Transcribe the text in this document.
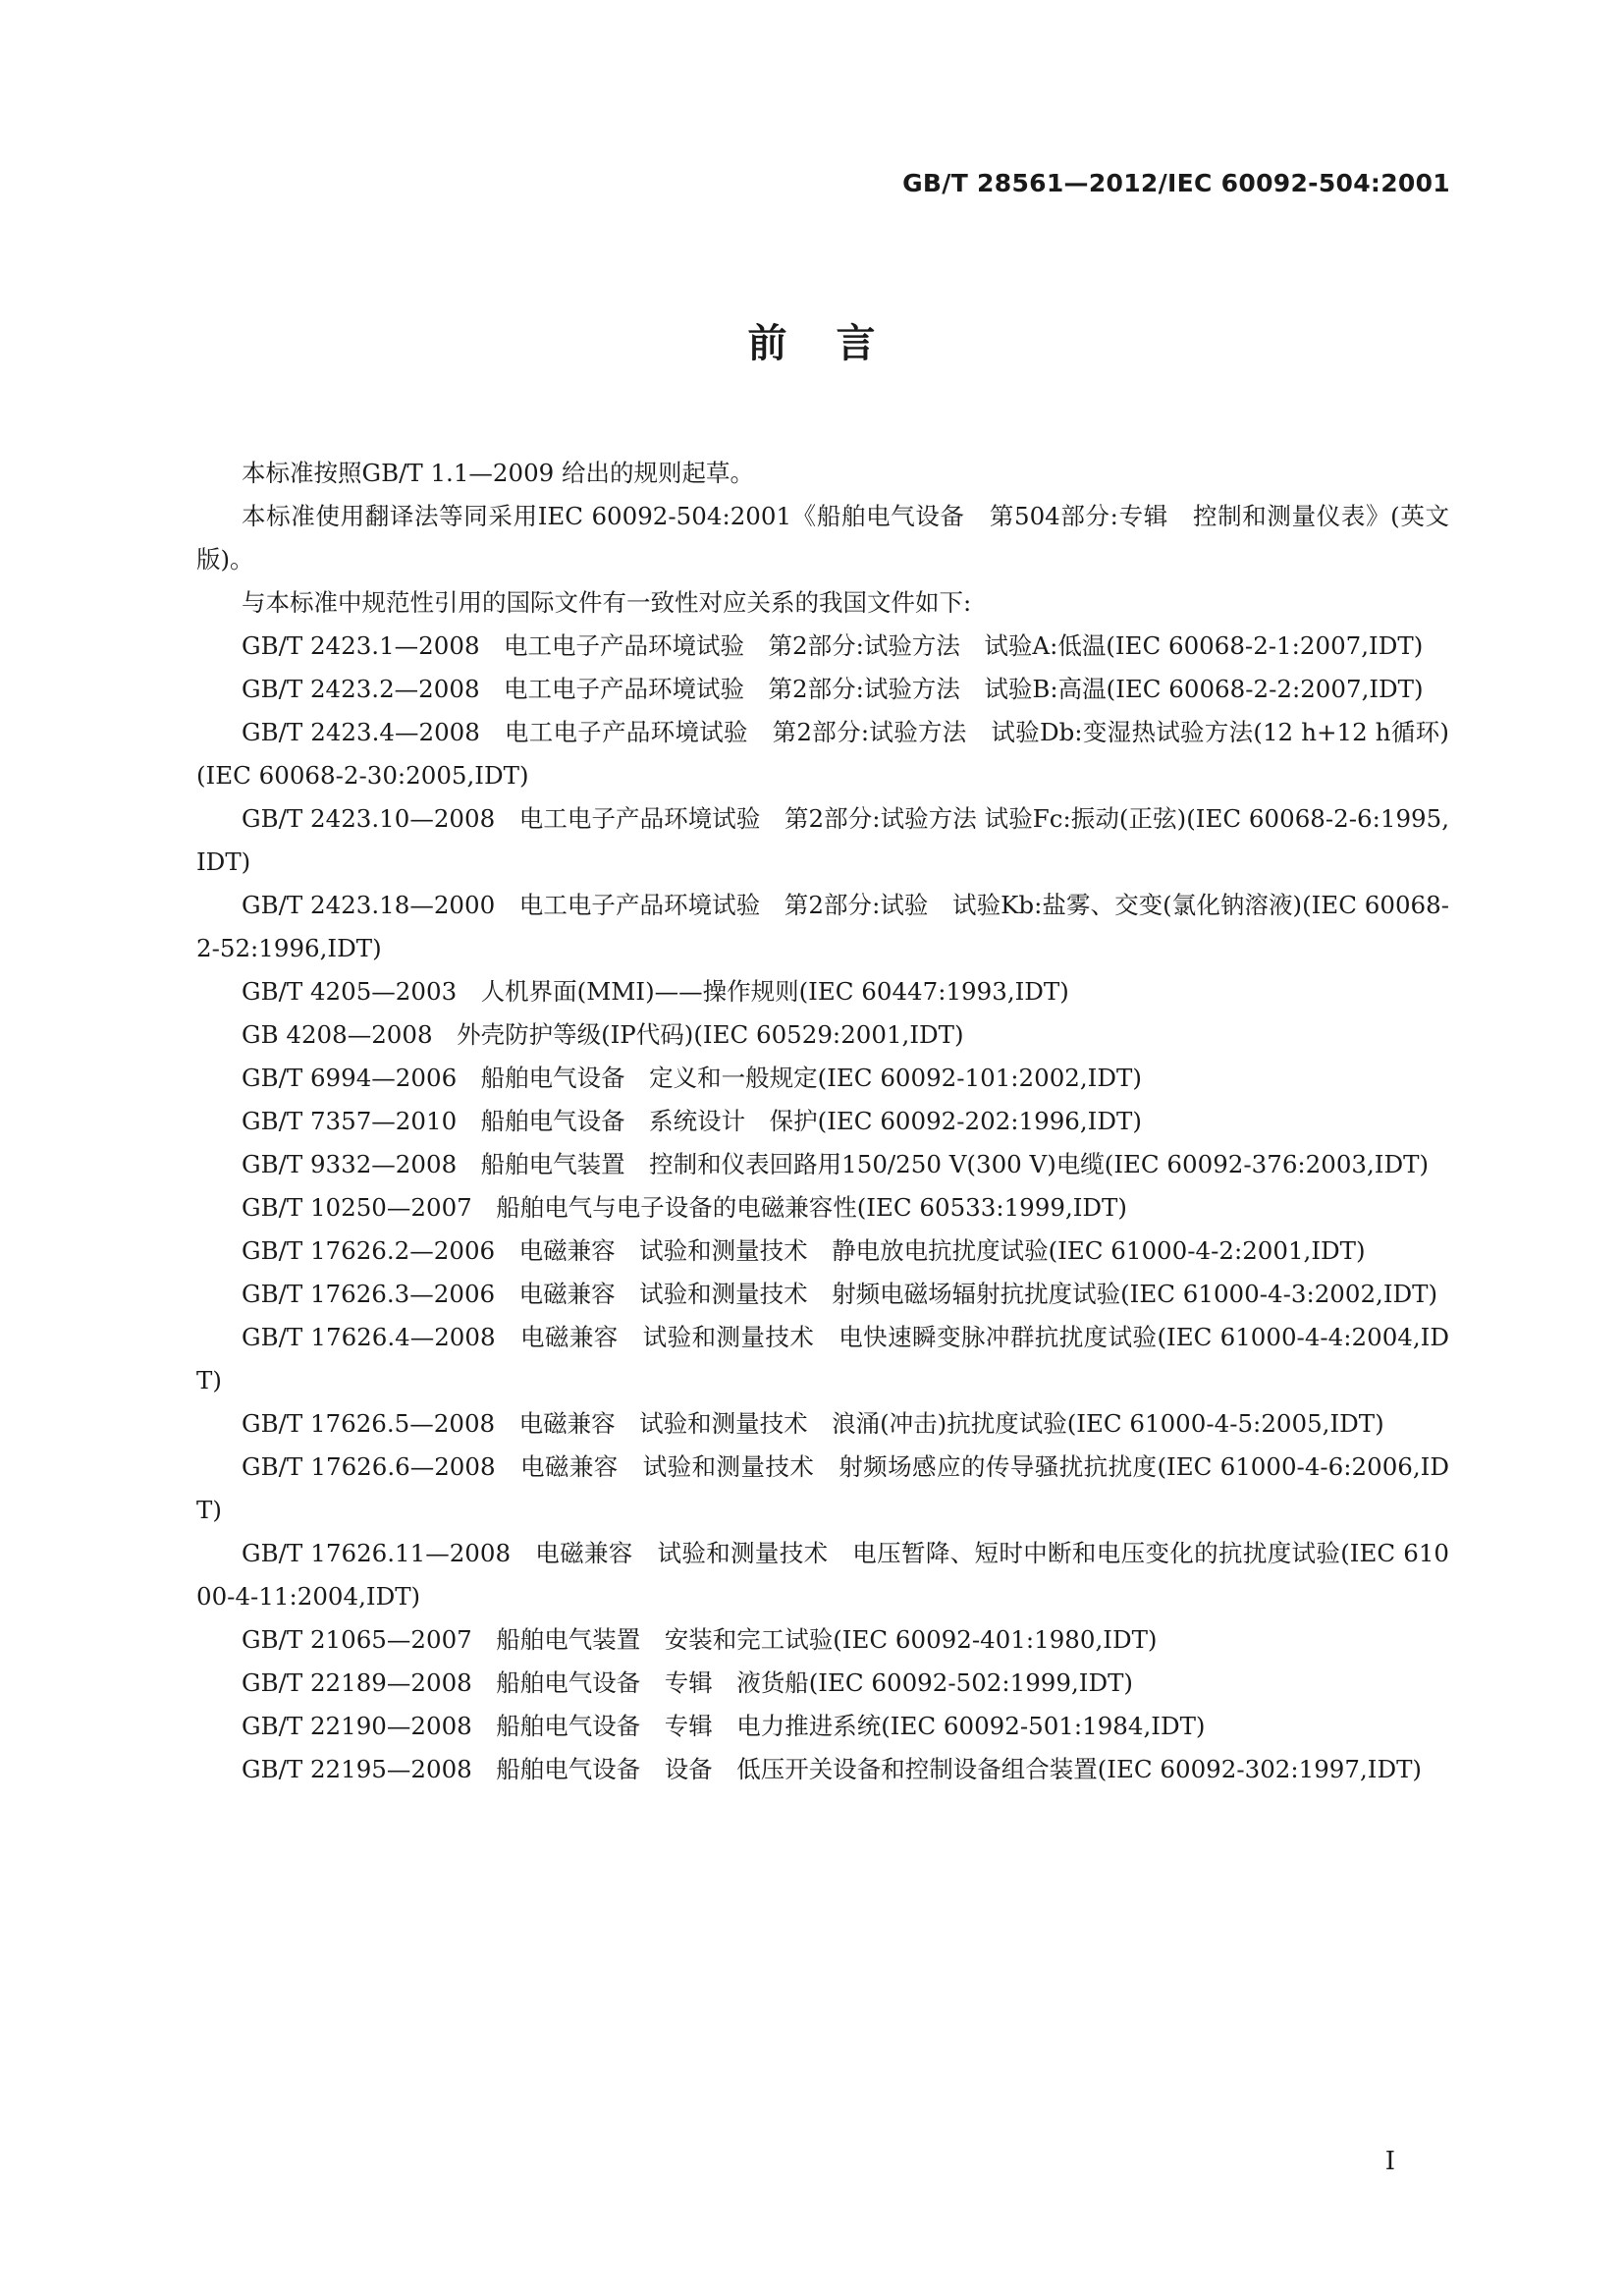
GB/T 28561—2012/IEC 60092-504:2001
前言

本标准按照GB/T 1.1—2009 给出的规则起草。

本标准使用翻译法等同采用IEC 60092-504:2001《船舶电气设备　第504部分:专辑　控制和测量仪表》(英文版)。

与本标准中规范性引用的国际文件有一致性对应关系的我国文件如下:

GB/T 2423.1—2008　电工电子产品环境试验　第2部分:试验方法　试验A:低温(IEC 60068-2-1:2007,IDT)

GB/T 2423.2—2008　电工电子产品环境试验　第2部分:试验方法　试验B:高温(IEC 60068-2-2:2007,IDT)

GB/T 2423.4—2008　电工电子产品环境试验　第2部分:试验方法　试验Db:变湿热试验方法(12 h+12 h循环)(IEC 60068-2-30:2005,IDT)

GB/T 2423.10—2008　电工电子产品环境试验　第2部分:试验方法 试验Fc:振动(正弦)(IEC 60068-2-6:1995,IDT)

GB/T 2423.18—2000　电工电子产品环境试验　第2部分:试验　试验Kb:盐雾、交变(氯化钠溶液)(IEC 60068-2-52:1996,IDT)

GB/T 4205—2003　人机界面(MMI)——操作规则(IEC 60447:1993,IDT)

GB 4208—2008　外壳防护等级(IP代码)(IEC 60529:2001,IDT)

GB/T 6994—2006　船舶电气设备　定义和一般规定(IEC 60092-101:2002,IDT)

GB/T 7357—2010　船舶电气设备　系统设计　保护(IEC 60092-202:1996,IDT)

GB/T 9332—2008　船舶电气装置　控制和仪表回路用150/250 V(300 V)电缆(IEC 60092-376:2003,IDT)

GB/T 10250—2007　船舶电气与电子设备的电磁兼容性(IEC 60533:1999,IDT)

GB/T 17626.2—2006　电磁兼容　试验和测量技术　静电放电抗扰度试验(IEC 61000-4-2:2001,IDT)

GB/T 17626.3—2006　电磁兼容　试验和测量技术　射频电磁场辐射抗扰度试验(IEC 61000-4-3:2002,IDT)

GB/T 17626.4—2008　电磁兼容　试验和测量技术　电快速瞬变脉冲群抗扰度试验(IEC 61000-4-4:2004,IDT)

GB/T 17626.5—2008　电磁兼容　试验和测量技术　浪涌(冲击)抗扰度试验(IEC 61000-4-5:2005,IDT)

GB/T 17626.6—2008　电磁兼容　试验和测量技术　射频场感应的传导骚扰抗扰度(IEC 61000-4-6:2006,IDT)

GB/T 17626.11—2008　电磁兼容　试验和测量技术　电压暂降、短时中断和电压变化的抗扰度试验(IEC 61000-4-11:2004,IDT)

GB/T 21065—2007　船舶电气装置　安装和完工试验(IEC 60092-401:1980,IDT)

GB/T 22189—2008　船舶电气设备　专辑　液货船(IEC 60092-502:1999,IDT)

GB/T 22190—2008　船舶电气设备　专辑　电力推进系统(IEC 60092-501:1984,IDT)

GB/T 22195—2008　船舶电气设备　设备　低压开关设备和控制设备组合装置(IEC 60092-302:1997,IDT)

I
